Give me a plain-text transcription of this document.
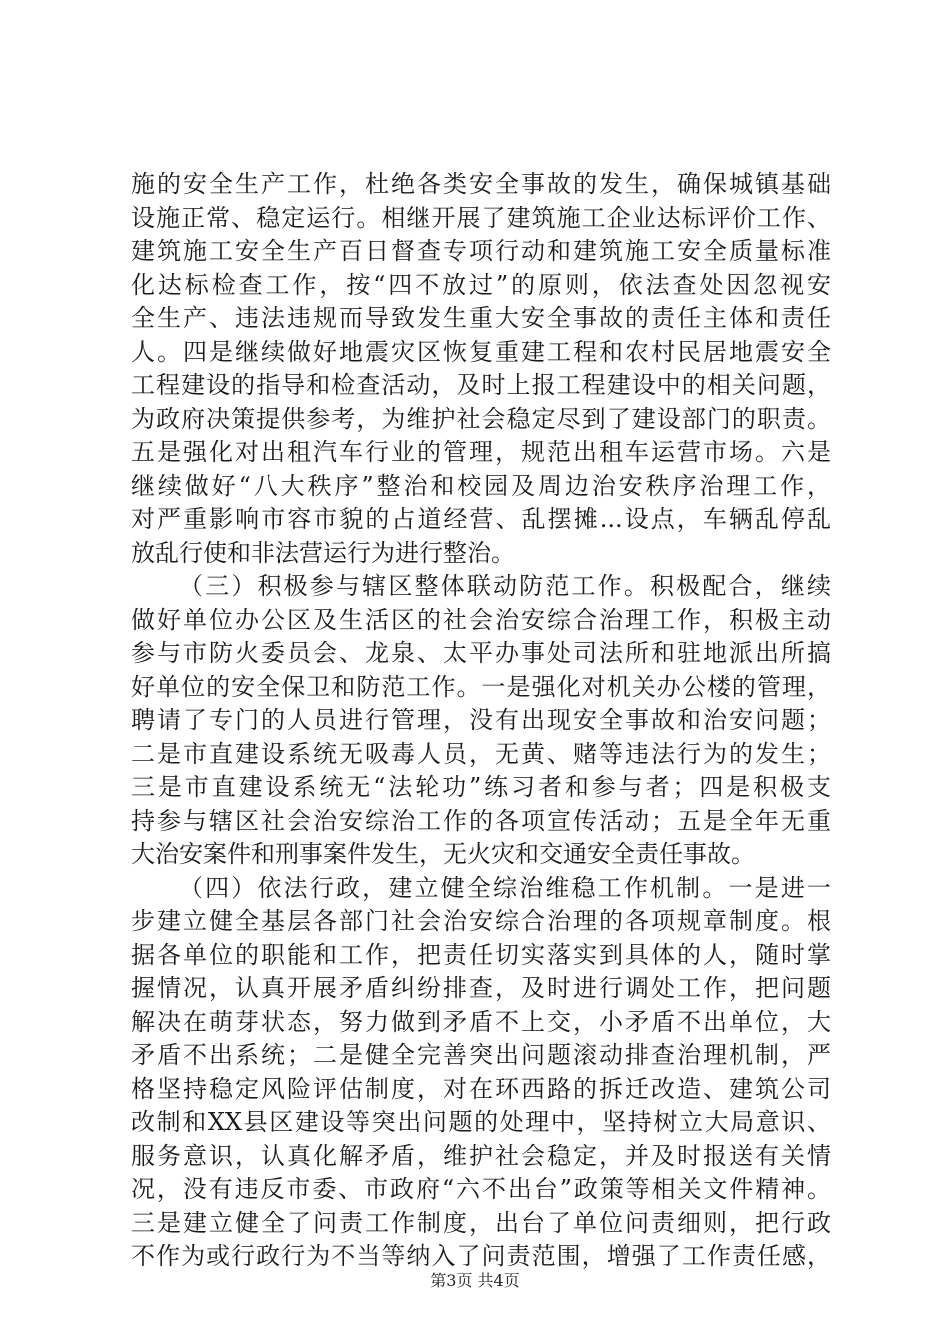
施的安全生产工作，杜绝各类安全事故的发生，确保城镇基础
设施正常、稳定运行。相继开展了建筑施工企业达标评价工作、
建筑施工安全生产百日督查专项行动和建筑施工安全质量标准
化达标检查工作，按“四不放过”的原则，依法查处因忽视安
全生产、违法违规而导致发生重大安全事故的责任主体和责任
人。四是继续做好地震灾区恢复重建工程和农村民居地震安全
工程建设的指导和检查活动，及时上报工程建设中的相关问题，
为政府决策提供参考，为维护社会稳定尽到了建设部门的职责。
五是强化对出租汽车行业的管理，规范出租车运营市场。六是
继续做好“八大秩序”整治和校园及周边治安秩序治理工作，
对严重影响市容市貌的占道经营、乱摆摊...设点，车辆乱停乱
放乱行使和非法营运行为进行整治。
（三）积极参与辖区整体联动防范工作。积极配合，继续
做好单位办公区及生活区的社会治安综合治理工作，积极主动
参与市防火委员会、龙泉、太平办事处司法所和驻地派出所搞
好单位的安全保卫和防范工作。一是强化对机关办公楼的管理，
聘请了专门的人员进行管理，没有出现安全事故和治安问题；
二是市直建设系统无吸毒人员，无黄、赌等违法行为的发生；
三是市直建设系统无“法轮功”练习者和参与者；四是积极支
持参与辖区社会治安综治工作的各项宣传活动；五是全年无重
大治安案件和刑事案件发生，无火灾和交通安全责任事故。
（四）依法行政，建立健全综治维稳工作机制。一是进一
步建立健全基层各部门社会治安综合治理的各项规章制度。根
据各单位的职能和工作，把责任切实落实到具体的人，随时掌
握情况，认真开展矛盾纠纷排查，及时进行调处工作，把问题
解决在萌芽状态，努力做到矛盾不上交，小矛盾不出单位，大
矛盾不出系统；二是健全完善突出问题滚动排查治理机制，严
格坚持稳定风险评估制度，对在环西路的拆迁改造、建筑公司
改制和XX县区建设等突出问题的处理中，坚持树立大局意识、
服务意识，认真化解矛盾，维护社会稳定，并及时报送有关情
况，没有违反市委、市政府“六不出台”政策等相关文件精神。
三是建立健全了问责工作制度，出台了单位问责细则，把行政
不作为或行政行为不当等纳入了问责范围，增强了工作责任感，
第3页 共4页
